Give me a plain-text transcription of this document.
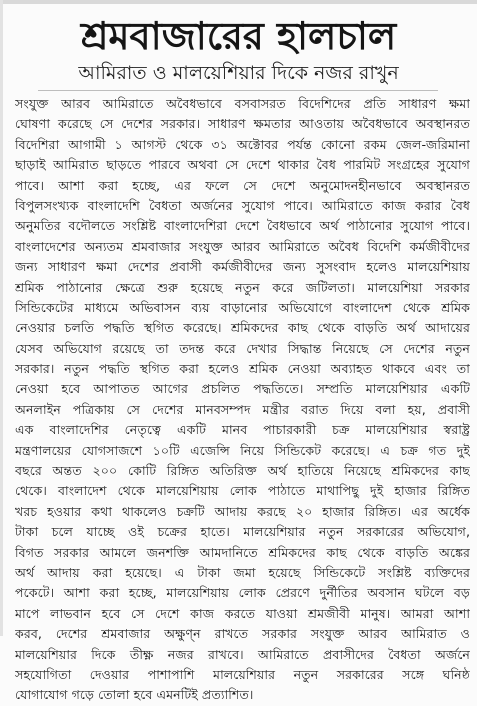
শ্রমবাজারের হালচাল
আমিরাত ও মালয়েশিয়ার দিকে নজর রাখুন
সংযুক্ত আরব আমিরাতে অবৈধভাবে বসবাসরত বিদেশিদের প্রতি সাধারণ ক্ষমা
ঘোষণা করেছে সে দেশের সরকার। সাধারণ ক্ষমতার আওতায় অবৈধভাবে অবস্থানরত
বিদেশিরা আগামী ১ আগস্ট থেকে ৩১ অক্টোবর পর্যন্ত কোনো রকম জেল-জরিমানা
ছাড়াই আমিরাত ছাড়তে পারবে অথবা সে দেশে থাকার বৈধ পারমিট সংগ্রহের সুযোগ
পাবে। আশা করা হচ্ছে, এর ফলে সে দেশে অনুমোদনহীনভাবে অবস্থানরত
বিপুলসংখ্যক বাংলাদেশি বৈধতা অর্জনের সুযোগ পাবে। আমিরাতে কাজ করার বৈধ
অনুমতির বদৌলতে সংশ্লিষ্ট বাংলাদেশিরা দেশে বৈধভাবে অর্থ পাঠানোর সুযোগ পাবে।
বাংলাদেশের অন্যতম শ্রমবাজার সংযুক্ত আরব আমিরাতে অবৈধ বিদেশি কর্মজীবীদের
জন্য সাধারণ ক্ষমা দেশের প্রবাসী কর্মজীবীদের জন্য সুসংবাদ হলেও মালয়েশিয়ায়
শ্রমিক পাঠানোর ক্ষেত্রে শুরু হয়েছে নতুন করে জটিলতা। মালয়েশিয়া সরকার
সিন্ডিকেটের মাধ্যমে অভিবাসন ব্যয় বাড়ানোর অভিযোগে বাংলাদেশ থেকে শ্রমিক
নেওয়ার চলতি পদ্ধতি স্থগিত করেছে। শ্রমিকদের কাছ থেকে বাড়তি অর্থ আদায়ের
যেসব অভিযোগ রয়েছে তা তদন্ত করে দেখার সিদ্ধান্ত নিয়েছে সে দেশের নতুন
সরকার। নতুন পদ্ধতি স্থগিত করা হলেও শ্রমিক নেওয়া অব্যাহত থাকবে এবং তা
নেওয়া হবে আপাতত আগের প্রচলিত পদ্ধতিতে। সম্প্রতি মালয়েশিয়ার একটি
অনলাইন পত্রিকায় সে দেশের মানবসম্পদ মন্ত্রীর বরাত দিয়ে বলা হয়, প্রবাসী
এক বাংলাদেশির নেতৃত্বে একটি মানব পাচারকারী চক্র মালয়েশিয়ার স্বরাষ্ট্র
মন্ত্রণালয়ের যোগসাজশে ১০টি এজেন্সি নিয়ে সিন্ডিকেট করেছে। এ চক্র গত দুই
বছরে অন্তত ২০০ কোটি রিঙ্গিত অতিরিক্ত অর্থ হাতিয়ে নিয়েছে শ্রমিকদের কাছ
থেকে। বাংলাদেশ থেকে মালয়েশিয়ায় লোক পাঠাতে মাথাপিছু দুই হাজার রিঙ্গিত
খরচ হওয়ার কথা থাকলেও চক্রটি আদায় করছে ২০ হাজার রিঙ্গিত। এর অর্ধেক
টাকা চলে যাচ্ছে ওই চক্রের হাতে। মালয়েশিয়ার নতুন সরকারের অভিযোগ,
বিগত সরকার আমলে জনশক্তি আমদানিতে শ্রমিকদের কাছ থেকে বাড়তি অঙ্কের
অর্থ আদায় করা হয়েছে। এ টাকা জমা হয়েছে সিন্ডিকেটে সংশ্লিষ্ট ব্যক্তিদের
পকেটে। আশা করা হচ্ছে, মালয়েশিয়ায় লোক প্রেরণে দুর্নীতির অবসান ঘটলে বড়
মাপে লাভবান হবে সে দেশে কাজ করতে যাওয়া শ্রমজীবী মানুষ। আমরা আশা
করব, দেশের শ্রমবাজার অক্ষুণ্ন রাখতে সরকার সংযুক্ত আরব আমিরাত ও
মালয়েশিয়ার দিকে তীক্ষ্ণ নজর রাখবে। আমিরাতে প্রবাসীদের বৈধতা অর্জনে
সহযোগিতা দেওয়ার পাশাপাশি মালয়েশিয়ার নতুন সরকারের সঙ্গে ঘনিষ্ঠ
যোগাযোগ গড়ে তোলা হবে এমনটিই প্রত্যাশিত।
